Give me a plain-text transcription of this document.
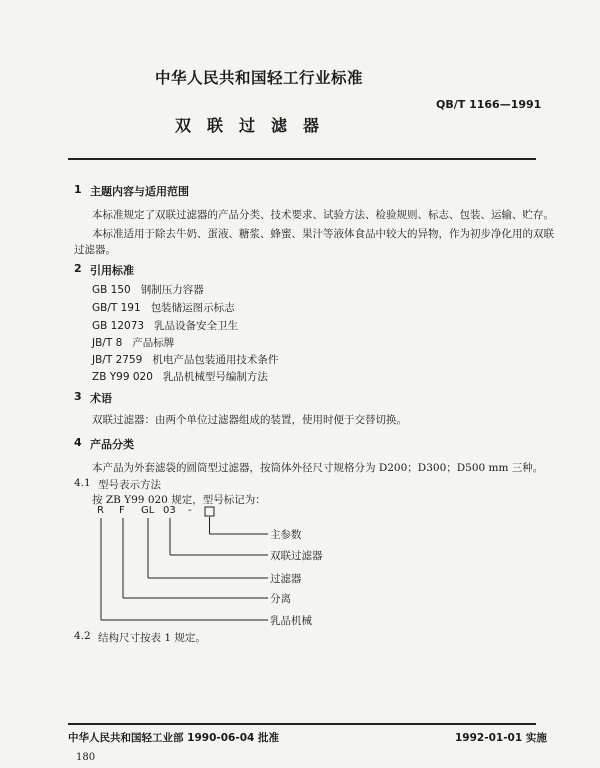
中华人民共和国轻工行业标准
QB/T 1166—1991
双联过滤器
1 主题内容与适用范围
本标准规定了双联过滤器的产品分类、技术要求、试验方法、检验规则、标志、包装、运输、贮存。
本标准适用于除去牛奶、蛋液、糖浆、蜂蜜、果汁等液体食品中较大的异物，作为初步净化用的双联
过滤器。
2 引用标准
GB 150 钢制压力容器
GB/T 191 包装储运图示标志
GB 12073 乳品设备安全卫生
JB/T 8 产品标牌
JB/T 2759 机电产品包装通用技术条件
ZB Y99 020 乳品机械型号编制方法
3 术语
双联过滤器：由两个单位过滤器组成的装置，使用时便于交替切换。
4 产品分类
本产品为外套滤袋的圆筒型过滤器，按筒体外径尺寸规格分为 D200；D300；D500 mm 三种。
4.1 型号表示方法
按 ZB Y99 020 规定，型号标记为：
R F GL 03 -
主参数
双联过滤器
过滤器
分离
乳品机械
4.2 结构尺寸按表 1 规定。
中华人民共和国轻工业部 1990-06-04 批准	1992-01-01 实施
180
